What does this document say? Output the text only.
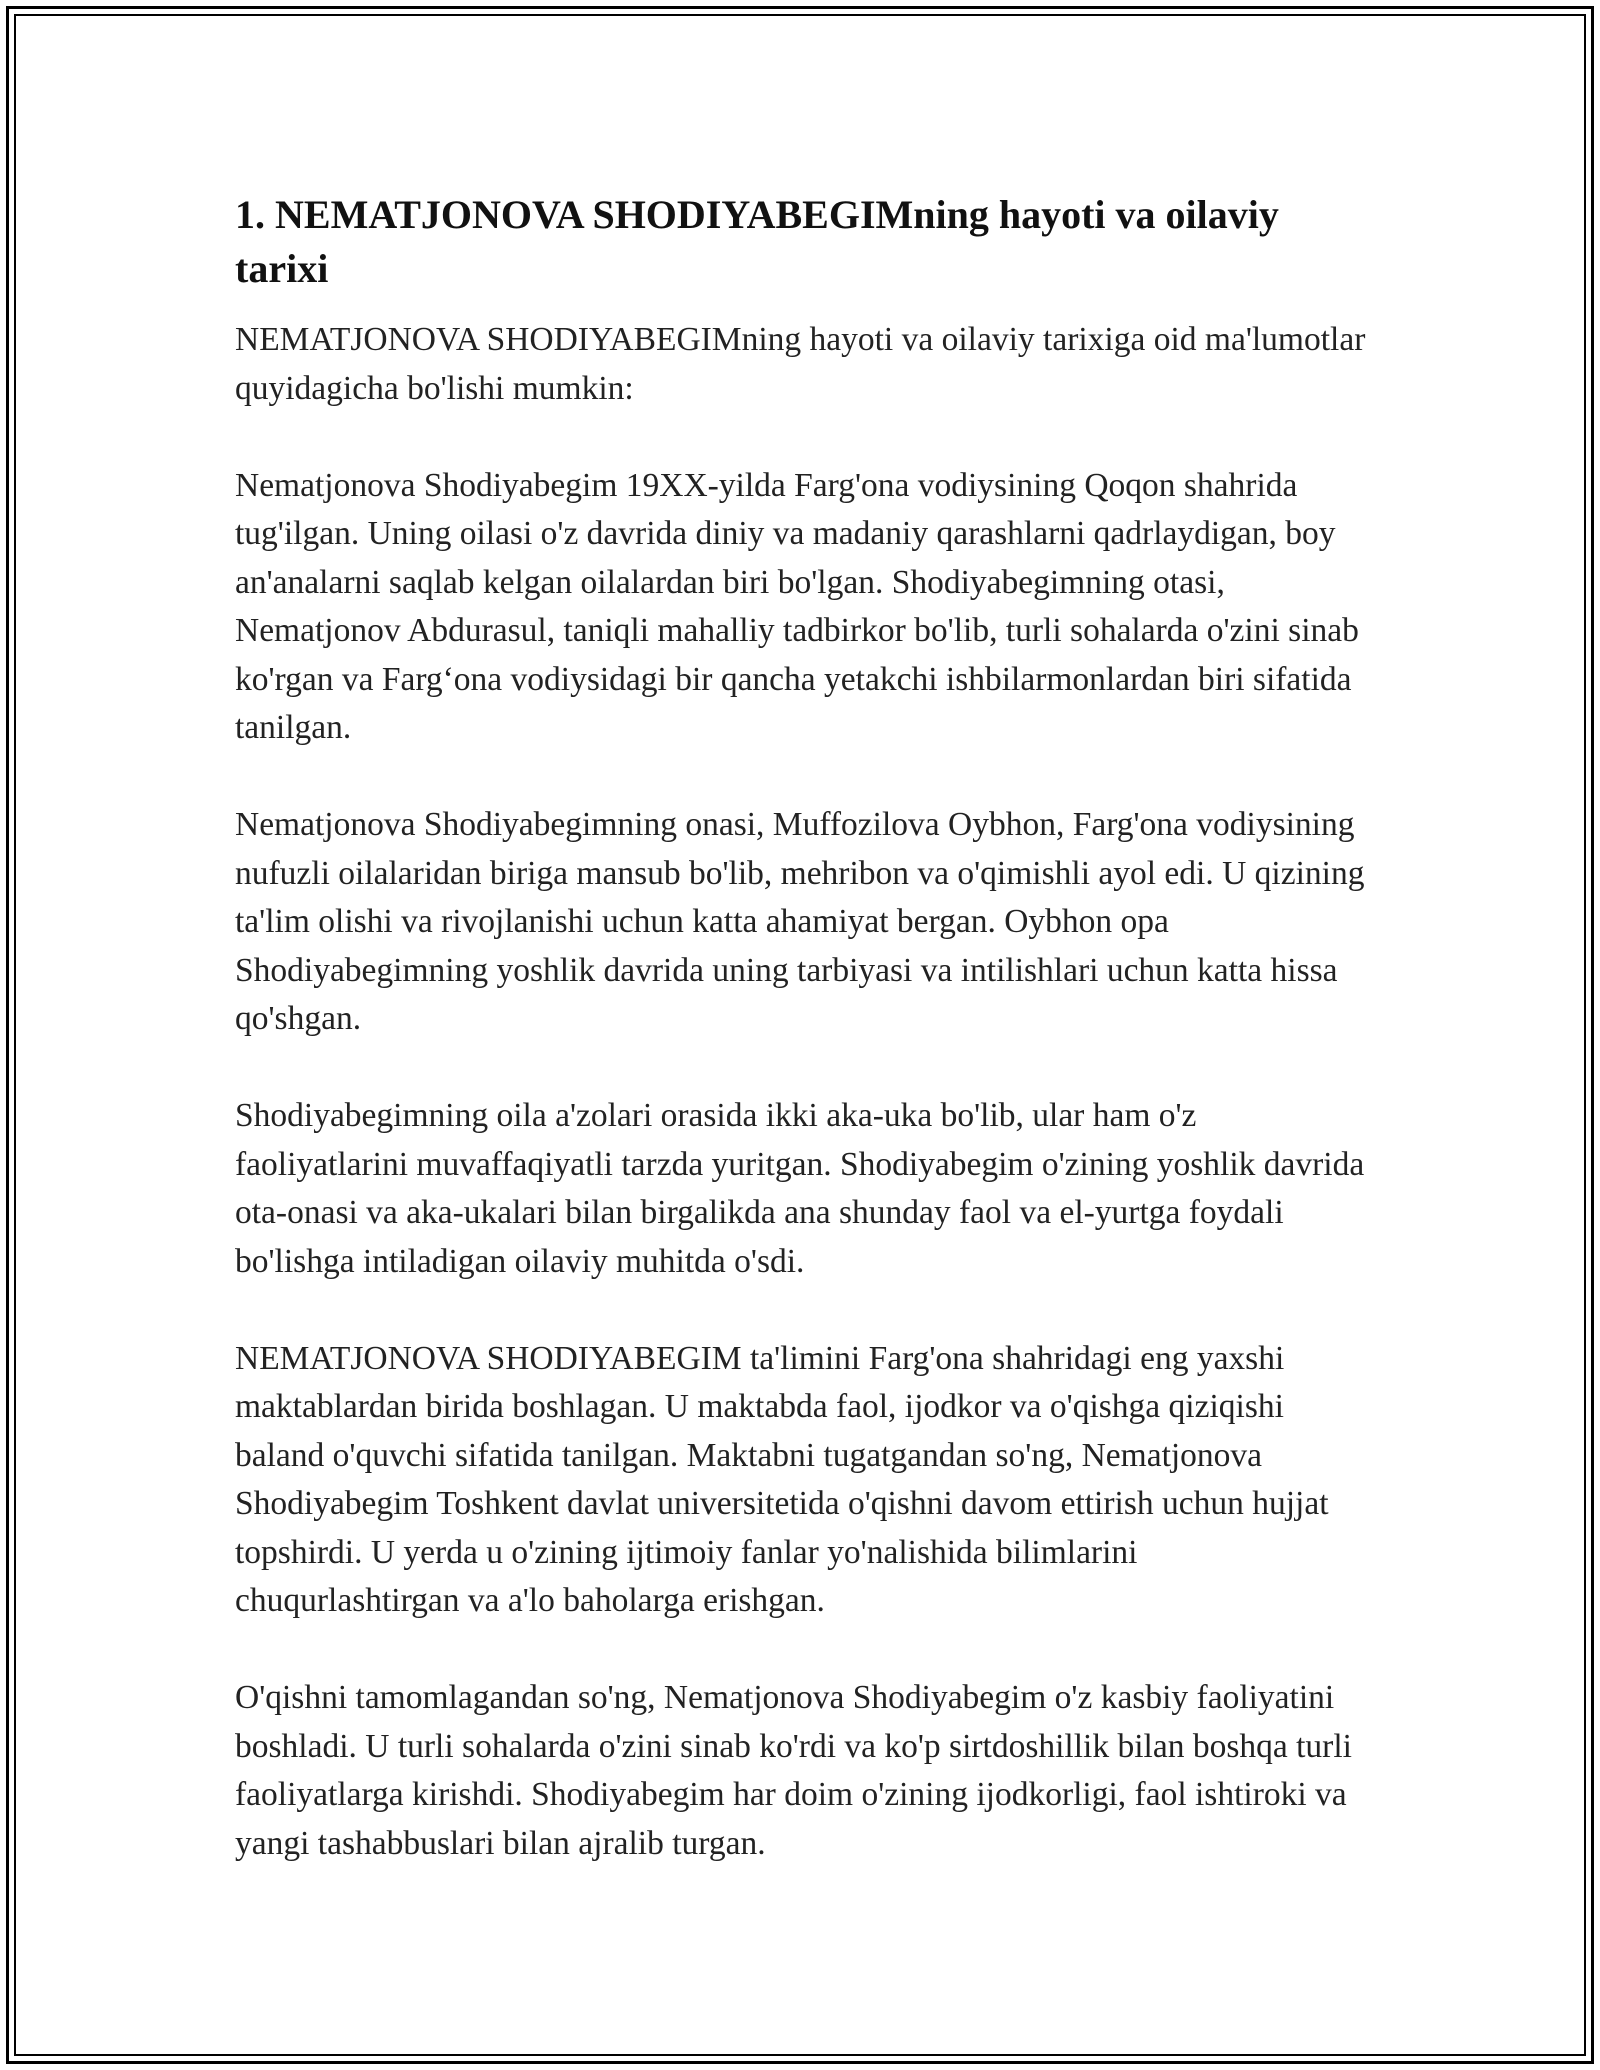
1. NEMATJONOVA SHODIYABEGIMning hayoti va oilaviy tarixi

NEMATJONOVA SHODIYABEGIMning hayoti va oilaviy tarixiga oid ma'lumotlar quyidagicha bo'lishi mumkin:

Nematjonova Shodiyabegim 19XX-yilda Farg'ona vodiysining Qoqon shahrida tug'ilgan. Uning oilasi o'z davrida diniy va madaniy qarashlarni qadrlaydigan, boy an'analarni saqlab kelgan oilalardan biri bo'lgan. Shodiyabegimning otasi, Nematjonov Abdurasul, taniqli mahalliy tadbirkor bo'lib, turli sohalarda o'zini sinab ko'rgan va Farg‘ona vodiysidagi bir qancha yetakchi ishbilarmonlardan biri sifatida tanilgan.

Nematjonova Shodiyabegimning onasi, Muffozilova Oybhon, Farg'ona vodiysining nufuzli oilalaridan biriga mansub bo'lib, mehribon va o'qimishli ayol edi. U qizining ta'lim olishi va rivojlanishi uchun katta ahamiyat bergan. Oybhon opa Shodiyabegimning yoshlik davrida uning tarbiyasi va intilishlari uchun katta hissa qo'shgan.

Shodiyabegimning oila a'zolari orasida ikki aka-uka bo'lib, ular ham o'z faoliyatlarini muvaffaqiyatli tarzda yuritgan. Shodiyabegim o'zining yoshlik davrida ota-onasi va aka-ukalari bilan birgalikda ana shunday faol va el-yurtga foydali bo'lishga intiladigan oilaviy muhitda o'sdi.

NEMATJONOVA SHODIYABEGIM ta'limini Farg'ona shahridagi eng yaxshi maktablardan birida boshlagan. U maktabda faol, ijodkor va o'qishga qiziqishi baland o'quvchi sifatida tanilgan. Maktabni tugatgandan so'ng, Nematjonova Shodiyabegim Toshkent davlat universitetida o'qishni davom ettirish uchun hujjat topshirdi. U yerda u o'zining ijtimoiy fanlar yo'nalishida bilimlarini chuqurlashtirgan va a'lo baholarga erishgan.

O'qishni tamomlagandan so'ng, Nematjonova Shodiyabegim o'z kasbiy faoliyatini boshladi. U turli sohalarda o'zini sinab ko'rdi va ko'p sirtdoshillik bilan boshqa turli faoliyatlarga kirishdi. Shodiyabegim har doim o'zining ijodkorligi, faol ishtiroki va yangi tashabbuslari bilan ajralib turgan.
